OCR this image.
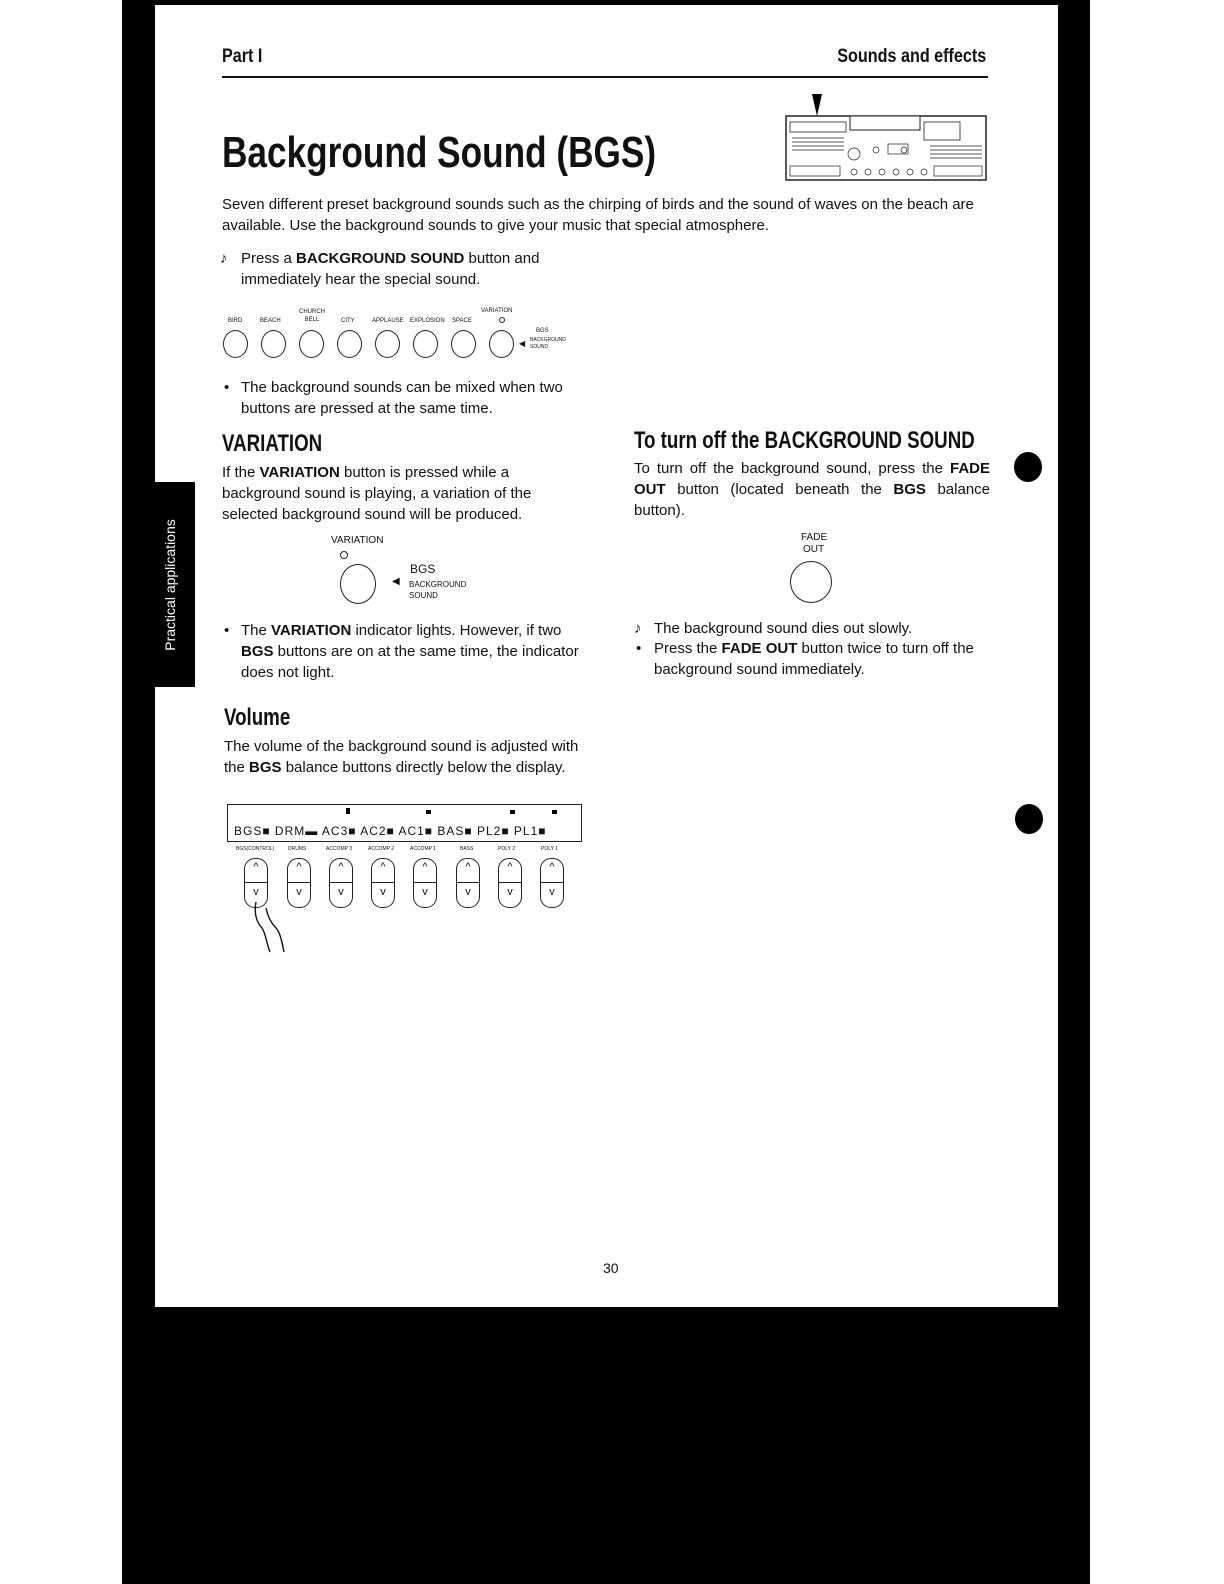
Part I	Sounds and effects
Background Sound (BGS)
Seven different preset background sounds such as the chirping of birds and the sound of waves on the beach are available. Use the background sounds to give your music that special atmosphere.
♪ Press a BACKGROUND SOUND button and immediately hear the special sound.
BIRD	BEACH
CHURCH BELL	CITY	APPLAUSE EXPLOSION SPACE
VARIATION
◀
BGS
BACKGROUND SOUND
• The background sounds can be mixed when two buttons are pressed at the same time.
VARIATION
If the VARIATION button is pressed while a background sound is playing, a variation of the selected background sound will be produced.
VARIATION
◀
BGS
BACKGROUND
SOUND
• The VARIATION indicator lights. However, if two BGS buttons are on at the same time, the indicator does not light.
Practical applications
Volume
The volume of the background sound is adjusted with the BGS balance buttons directly below the display.
BGS■ DRM▬ AC3■ AC2■ AC1■ BAS■ PL2■ PL1■
BGS(CONTROL)	DRUMS	ACCOMP 3	ACCOMP 2	ACCOMP 1	BASS	POLY 2	POLY 1
^
v
^
v
^
v
^
v
^
v
^
v
^
v
^
v
To turn off the BACKGROUND SOUND
To turn off the background sound, press the FADE OUT button (located beneath the BGS balance button).
FADE
OUT
♪ The background sound dies out slowly.
• Press the FADE OUT button twice to turn off the background sound immediately.
30
